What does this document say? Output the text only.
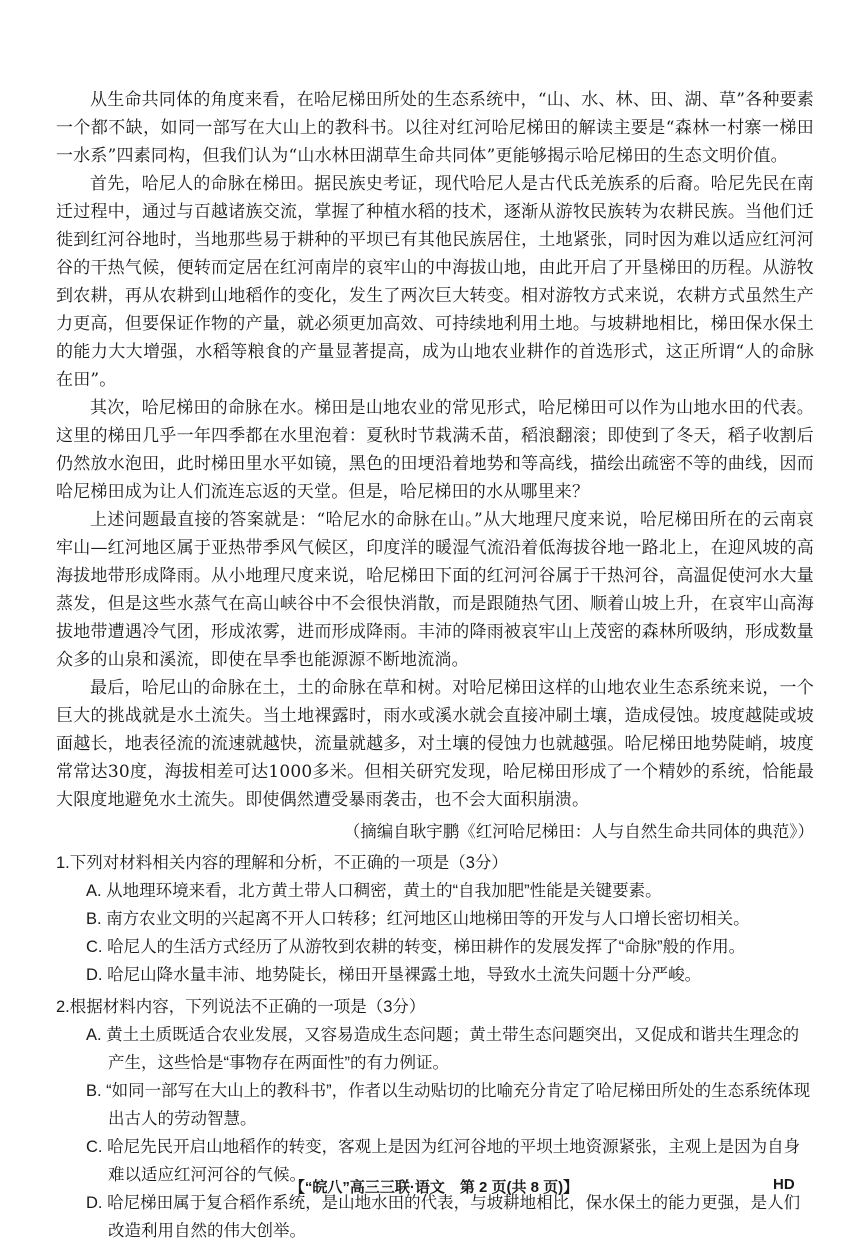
从生命共同体的角度来看，在哈尼梯田所处的生态系统中，“山、水、林、田、湖、草”各种要素一个都不缺，如同一部写在大山上的教科书。以往对红河哈尼梯田的解读主要是“森林一村寨一梯田一水系”四素同构，但我们认为“山水林田湖草生命共同体”更能够揭示哈尼梯田的生态文明价值。

首先，哈尼人的命脉在梯田。据民族史考证，现代哈尼人是古代氐羌族系的后裔。哈尼先民在南迁过程中，通过与百越诸族交流，掌握了种植水稻的技术，逐渐从游牧民族转为农耕民族。当他们迁徙到红河谷地时，当地那些易于耕种的平坝已有其他民族居住，土地紧张，同时因为难以适应红河河谷的干热气候，便转而定居在红河南岸的哀牢山的中海拔山地，由此开启了开垦梯田的历程。从游牧到农耕，再从农耕到山地稻作的变化，发生了两次巨大转变。相对游牧方式来说，农耕方式虽然生产力更高，但要保证作物的产量，就必须更加高效、可持续地利用土地。与坡耕地相比，梯田保水保土的能力大大增强，水稻等粮食的产量显著提高，成为山地农业耕作的首选形式，这正所谓“人的命脉在田”。

其次，哈尼梯田的命脉在水。梯田是山地农业的常见形式，哈尼梯田可以作为山地水田的代表。这里的梯田几乎一年四季都在水里泡着：夏秋时节栽满禾苗，稻浪翻滚；即使到了冬天，稻子收割后仍然放水泡田，此时梯田里水平如镜，黑色的田埂沿着地势和等高线，描绘出疏密不等的曲线，因而哈尼梯田成为让人们流连忘返的天堂。但是，哈尼梯田的水从哪里来？

上述问题最直接的答案就是：“哈尼水的命脉在山。”从大地理尺度来说，哈尼梯田所在的云南哀牢山—红河地区属于亚热带季风气候区，印度洋的暖湿气流沿着低海拔谷地一路北上，在迎风坡的高海拔地带形成降雨。从小地理尺度来说，哈尼梯田下面的红河河谷属于干热河谷，高温促使河水大量蒸发，但是这些水蒸气在高山峡谷中不会很快消散，而是跟随热气团、顺着山坡上升，在哀牢山高海拔地带遭遇冷气团，形成浓雾，进而形成降雨。丰沛的降雨被哀牢山上茂密的森林所吸纳，形成数量众多的山泉和溪流，即使在旱季也能源源不断地流淌。

最后，哈尼山的命脉在土，土的命脉在草和树。对哈尼梯田这样的山地农业生态系统来说，一个巨大的挑战就是水土流失。当土地裸露时，雨水或溪水就会直接冲刷土壤，造成侵蚀。坡度越陡或坡面越长，地表径流的流速就越快，流量就越多，对土壤的侵蚀力也就越强。哈尼梯田地势陡峭，坡度常常达30度，海拔相差可达1000多米。但相关研究发现，哈尼梯田形成了一个精妙的系统，恰能最大限度地避免水土流失。即使偶然遭受暴雨袭击，也不会大面积崩溃。

（摘编自耿宇鹏《红河哈尼梯田：人与自然生命共同体的典范》）

1.下列对材料相关内容的理解和分析，不正确的一项是（3分）

A. 从地理环境来看，北方黄土带人口稠密，黄土的“自我加肥”性能是关键要素。

B. 南方农业文明的兴起离不开人口转移；红河地区山地梯田等的开发与人口增长密切相关。

C. 哈尼人的生活方式经历了从游牧到农耕的转变，梯田耕作的发展发挥了“命脉”般的作用。

D. 哈尼山降水量丰沛、地势陡长，梯田开垦裸露土地，导致水土流失问题十分严峻。

2.根据材料内容，下列说法不正确的一项是（3分）

A. 黄土土质既适合农业发展，又容易造成生态问题；黄土带生态问题突出，又促成和谐共生理念的产生，这些恰是“事物存在两面性”的有力例证。

B. “如同一部写在大山上的教科书”，作者以生动贴切的比喻充分肯定了哈尼梯田所处的生态系统体现出古人的劳动智慧。

C. 哈尼先民开启山地稻作的转变，客观上是因为红河谷地的平坝土地资源紧张，主观上是因为自身难以适应红河河谷的气候。

D. 哈尼梯田属于复合稻作系统，是山地水田的代表，与坡耕地相比，保水保土的能力更强，是人们改造利用自然的伟大创举。

【“皖八”高三三联·语文　第 2 页(共 8 页)】	HD
